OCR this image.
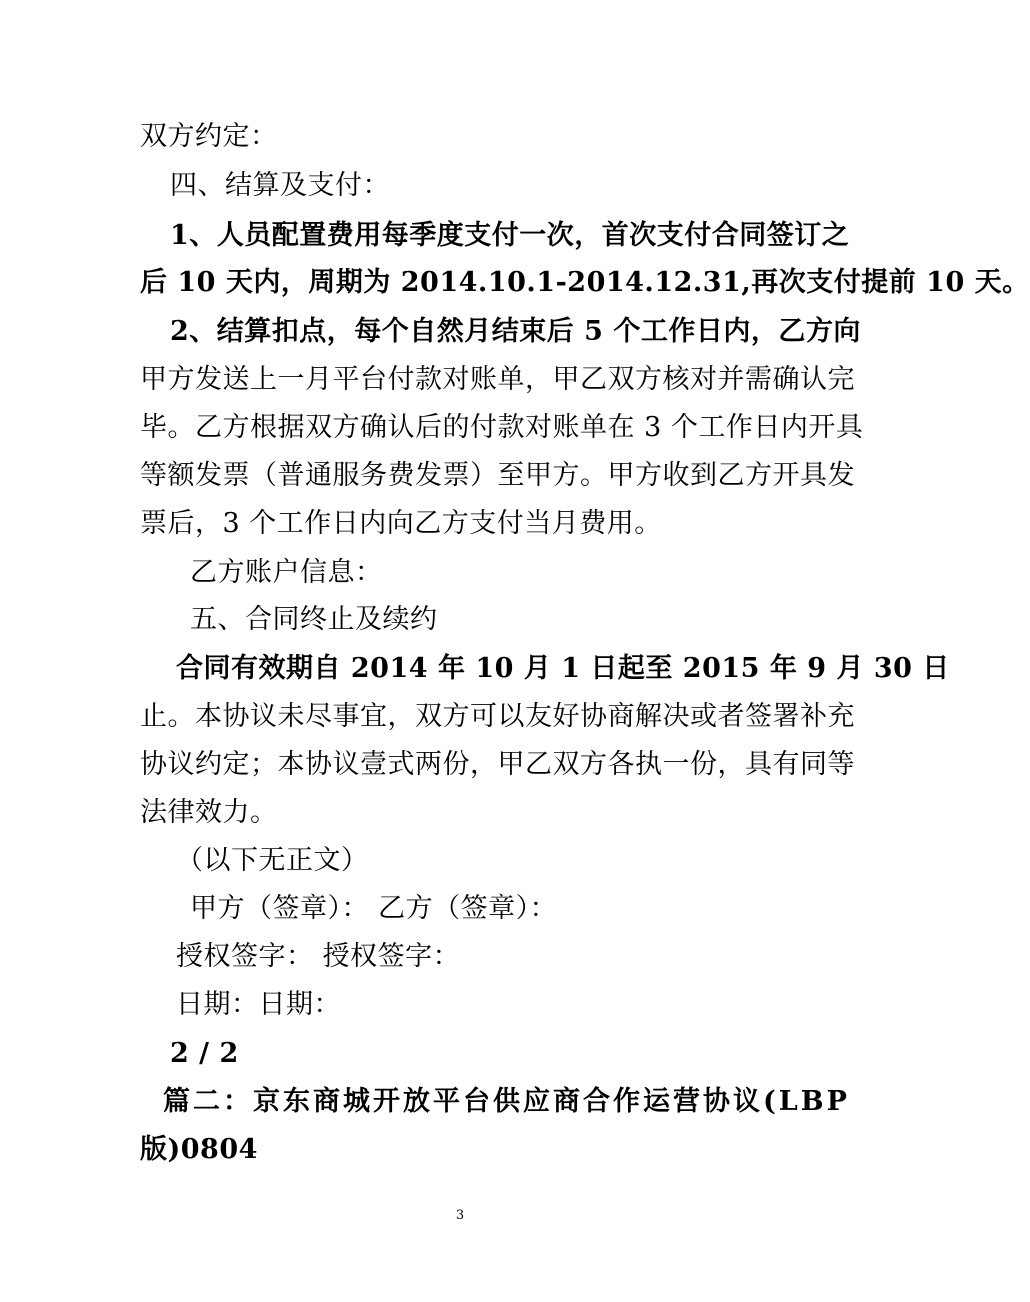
双方约定：
四、结算及支付：
1、人员配置费用每季度支付一次，首次支付合同签订之
后 10 天内，周期为 2014.10.1-2014.12.31,再次支付提前 10 天。
2、结算扣点，每个自然月结束后 5 个工作日内，乙方向
甲方发送上一月平台付款对账单，甲乙双方核对并需确认完
毕。乙方根据双方确认后的付款对账单在 3 个工作日内开具
等额发票（普通服务费发票）至甲方。甲方收到乙方开具发
票后，3 个工作日内向乙方支付当月费用。
乙方账户信息：
五、合同终止及续约
合同有效期自 2014 年 10 月 1 日起至 2015 年 9 月 30 日
止。本协议未尽事宜，双方可以友好协商解决或者签署补充
协议约定；本协议壹式两份，甲乙双方各执一份，具有同等
法律效力。
（以下无正文）
甲方（签章）： 乙方（签章）：
授权签字： 授权签字：
日期：日期：
2 / 2
篇二：京东商城开放平台供应商合作运营协议(LBP
版)0804
3
